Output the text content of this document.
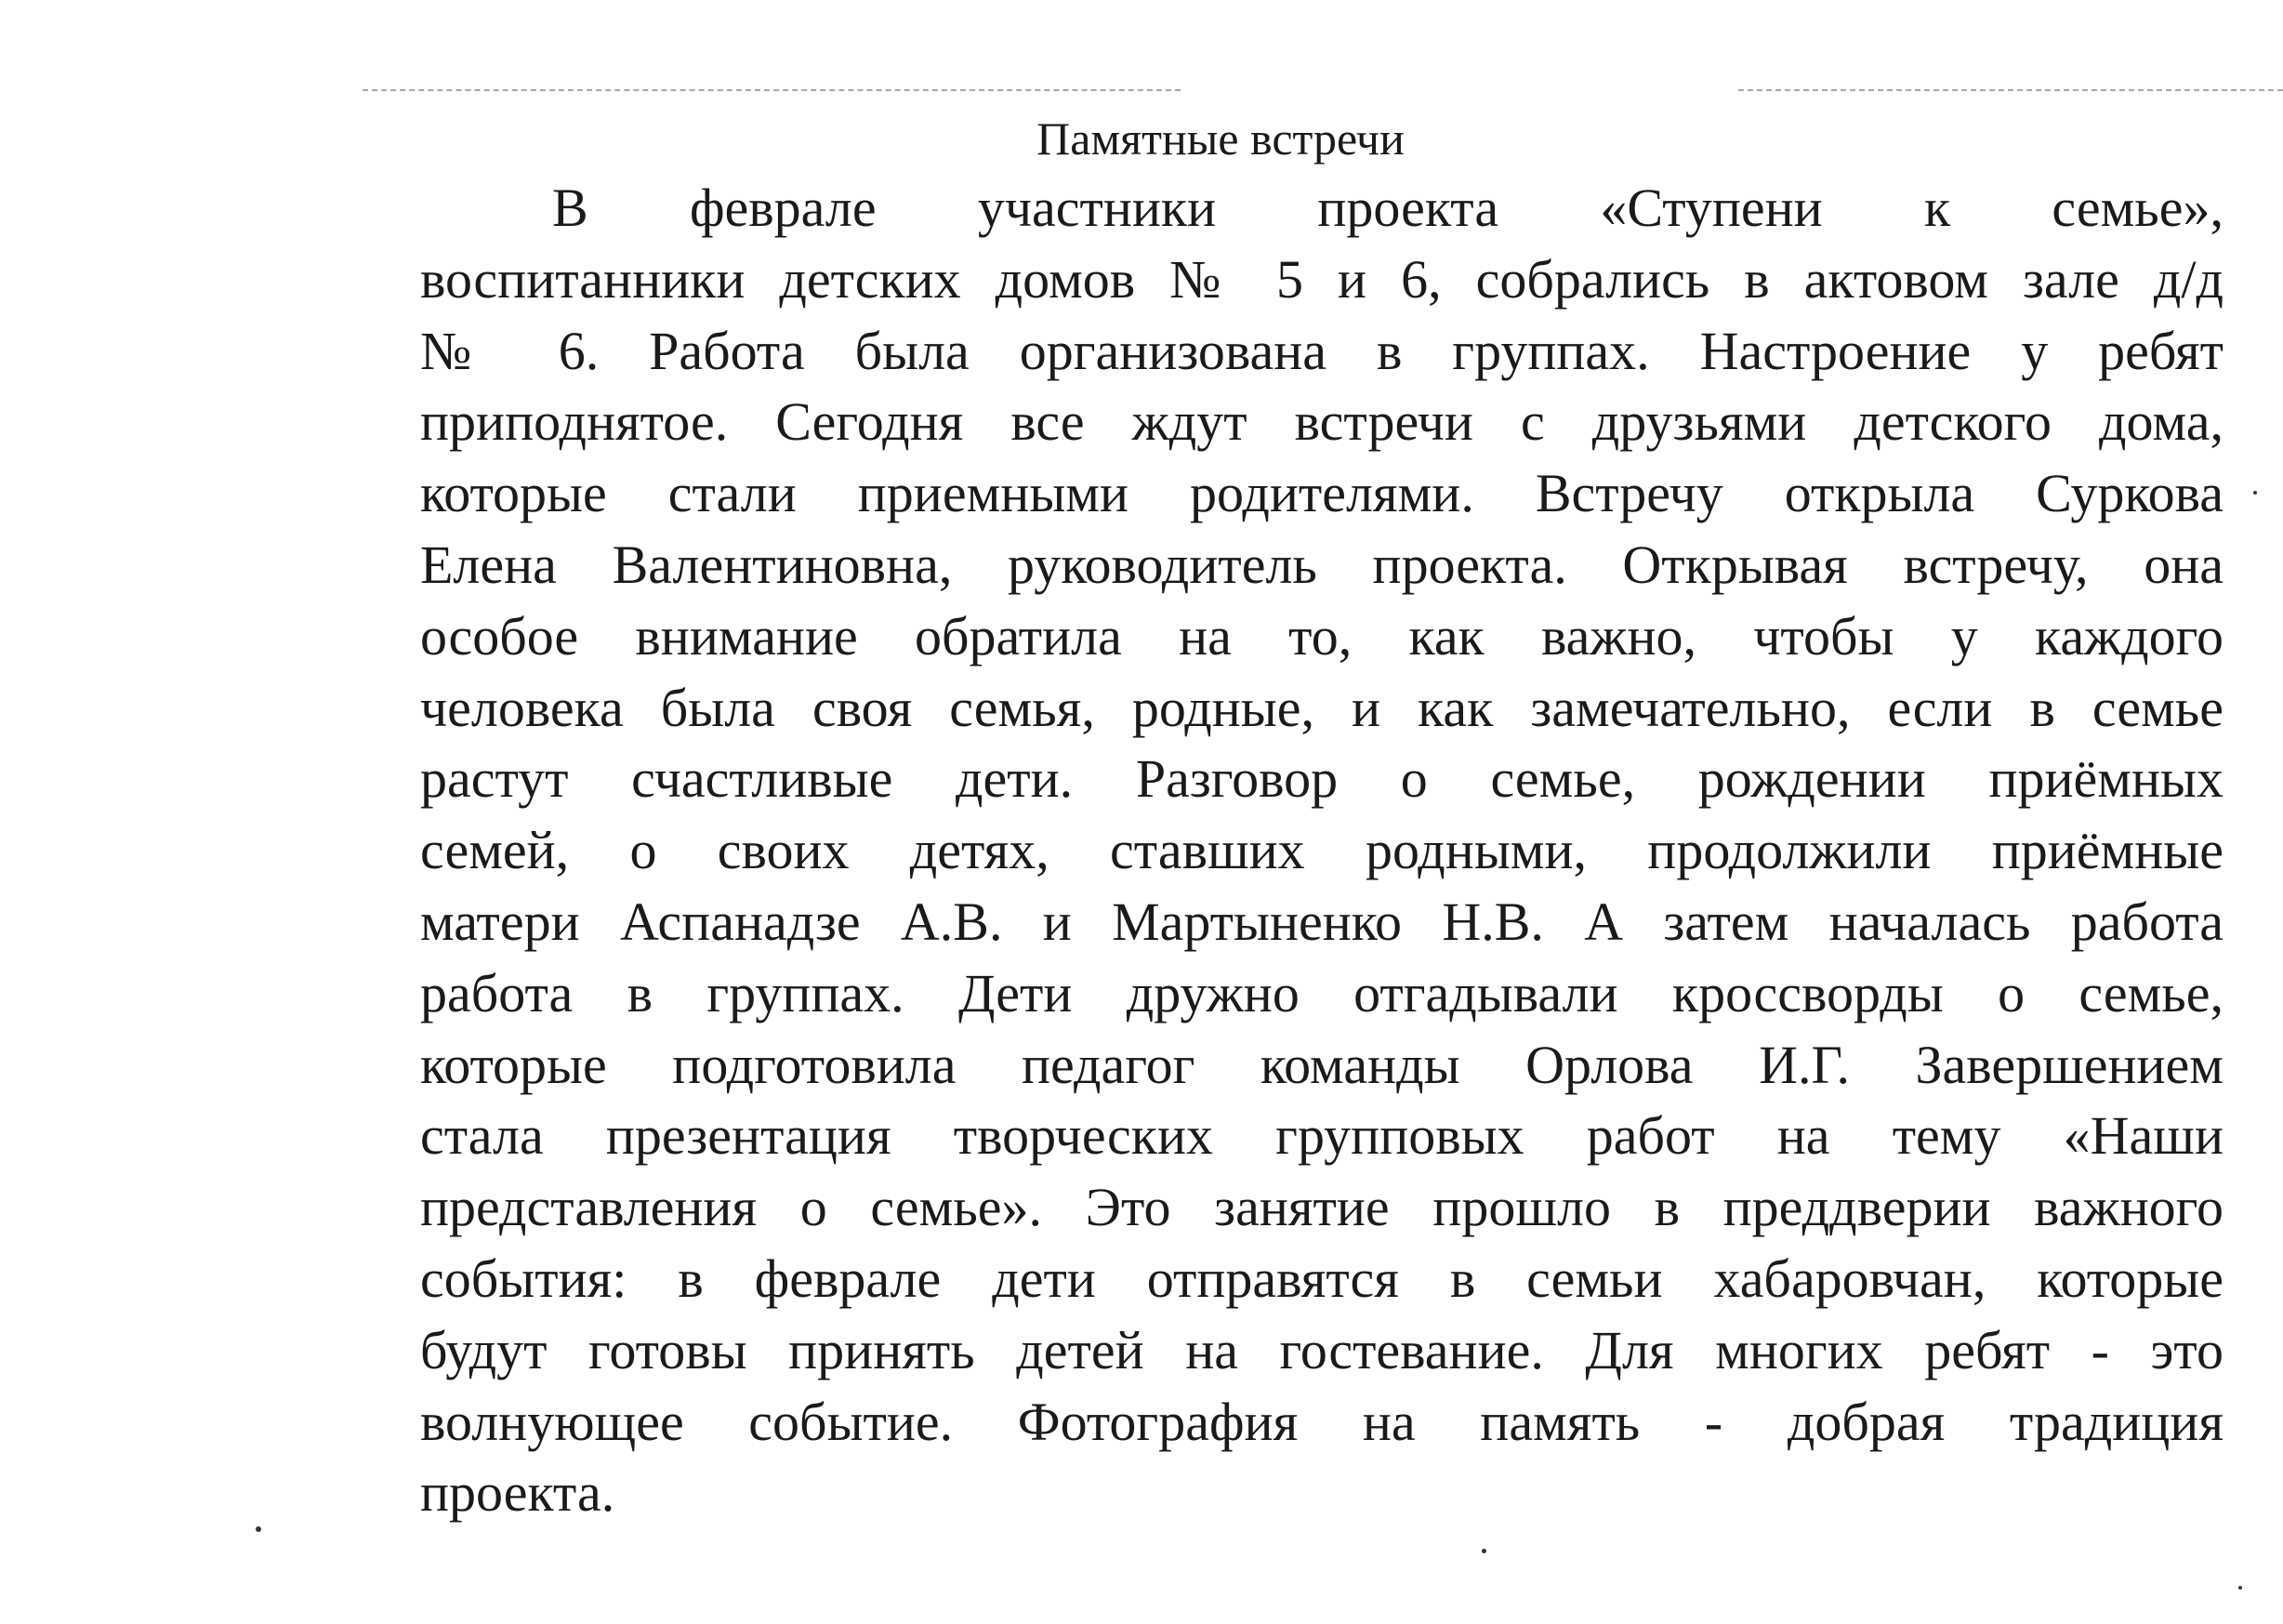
Памятные встречи
В феврале участники проекта «Ступени к семье»,
воспитанники детских домов № 5 и 6, собрались в актовом зале д/д
№ 6. Работа была организована в группах. Настроение у ребят
приподнятое. Сегодня все ждут встречи с друзьями детского дома,
которые стали приемными родителями. Встречу открыла Суркова
Елена Валентиновна, руководитель проекта. Открывая встречу, она
особое внимание обратила на то, как важно, чтобы у каждого
человека была своя семья, родные, и как замечательно, если в семье
растут счастливые дети. Разговор о семье, рождении приёмных
семей, о своих детях, ставших родными, продолжили приёмные
матери Аспанадзе А.В. и Мартыненко Н.В. А затем началась работа
работа в группах. Дети дружно отгадывали кроссворды о семье,
которые подготовила педагог команды Орлова И.Г. Завершением
стала презентация творческих групповых работ на тему «Наши
представления о семье». Это занятие прошло в преддверии важного
события: в феврале дети отправятся в семьи хабаровчан, которые
будут готовы принять детей на гостевание. Для многих ребят - это
волнующее событие. Фотография на память - добрая традиция
проекта.
